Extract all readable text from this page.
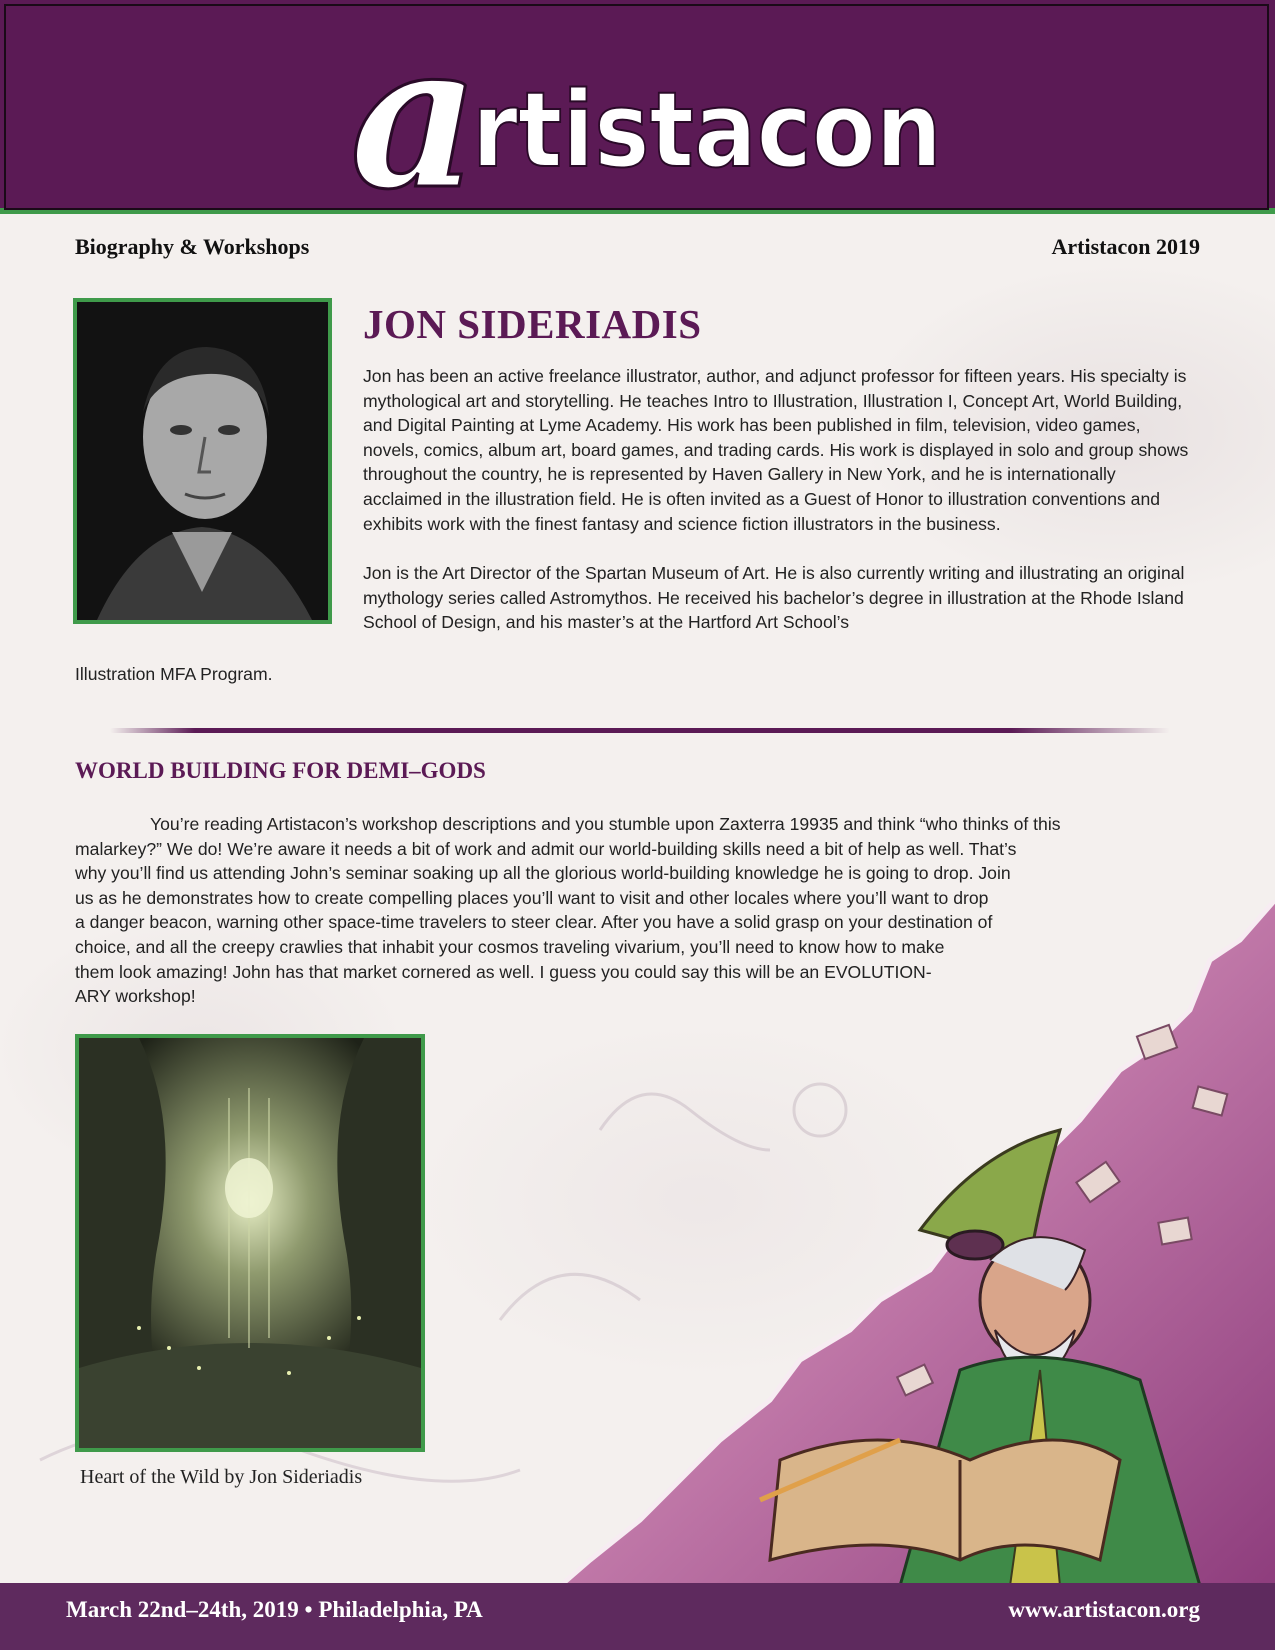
a
rtistacon
Biography & Workshops	Artistacon 2019
JON SIDERIADIS

Jon has been an active freelance illustrator, author, and adjunct professor for fifteen years. His specialty is mythological art and storytelling. He teaches Intro to Illustration, Illustration I, Concept Art, World Building, and Digital Painting at Lyme Academy. His work has been published in film, television, video games, novels, comics, album art, board games, and trading cards. His work is displayed in solo and group shows throughout the country, he is represented by Haven Gallery in New York, and he is internationally acclaimed in the illustration field. He is often invited as a Guest of Honor to illustration conventions and exhibits work with the finest fantasy and science fiction illustrators in the business.

Jon is the Art Director of the Spartan Museum of Art. He is also currently writing and illustrating an original mythology series called Astromythos. He received his bachelor’s degree in illustration at the Rhode Island School of Design, and his master’s at the Hartford Art School’s

Illustration MFA Program.
WORLD BUILDING FOR DEMI–GODS
You’re reading Artistacon’s workshop descriptions and you stumble upon Zaxterra 19935 and think “who thinks of this
malarkey?” We do! We’re aware it needs a bit of work and admit our world-building skills need a bit of help as well. That’s
why you’ll find us attending John’s seminar soaking up all the glorious world-building knowledge he is going to drop. Join
us as he demonstrates how to create compelling places you’ll want to visit and other locales where you’ll want to drop
a danger beacon, warning other space-time travelers to steer clear. After you have a solid grasp on your destination of
choice, and all the creepy crawlies that inhabit your cosmos traveling vivarium, you’ll need to know how to make
them look amazing! John has that market cornered as well. I guess you could say this will be an EVOLUTION-
ARY workshop!
Heart of the Wild by Jon Sideriadis
March 22nd–24th, 2019 • Philadelphia, PA	www.artistacon.org
